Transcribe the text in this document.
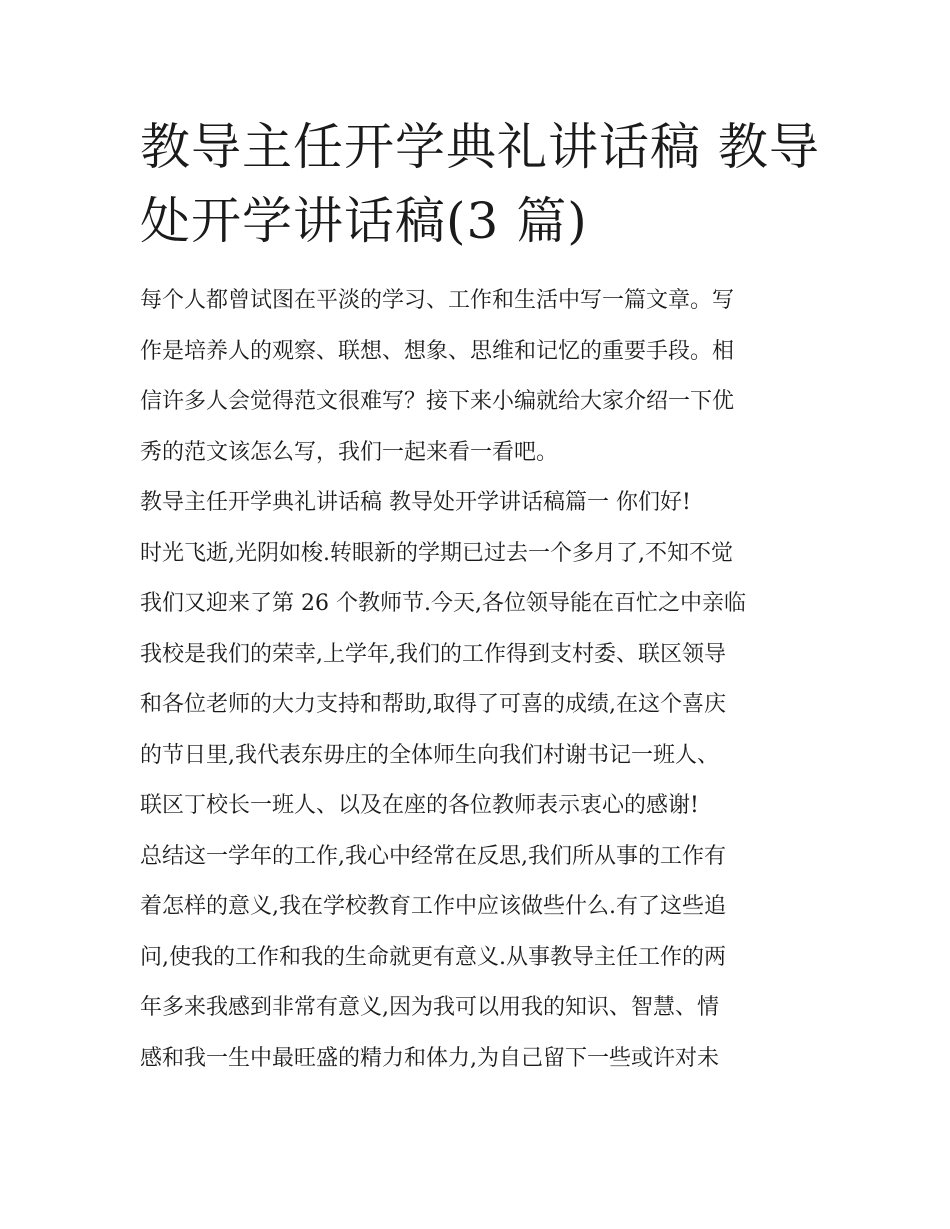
教导主任开学典礼讲话稿 教导
处开学讲话稿(3 篇)

每个人都曾试图在平淡的学习、工作和生活中写一篇文章。写
作是培养人的观察、联想、想象、思维和记忆的重要手段。相
信许多人会觉得范文很难写？接下来小编就给大家介绍一下优
秀的范文该怎么写，我们一起来看一看吧。

教导主任开学典礼讲话稿 教导处开学讲话稿篇一 你们好!

时光飞逝,光阴如梭.转眼新的学期已过去一个多月了,不知不觉
我们又迎来了第 26 个教师节.今天,各位领导能在百忙之中亲临
我校是我们的荣幸,上学年,我们的工作得到支村委、联区领导
和各位老师的大力支持和帮助,取得了可喜的成绩,在这个喜庆
的节日里,我代表东毋庄的全体师生向我们村谢书记一班人、
联区丁校长一班人、以及在座的各位教师表示衷心的感谢!

总结这一学年的工作,我心中经常在反思,我们所从事的工作有
着怎样的意义,我在学校教育工作中应该做些什么.有了这些追
问,使我的工作和我的生命就更有意义.从事教导主任工作的两
年多来我感到非常有意义,因为我可以用我的知识、智慧、情
感和我一生中最旺盛的精力和体力,为自己留下一些或许对未
